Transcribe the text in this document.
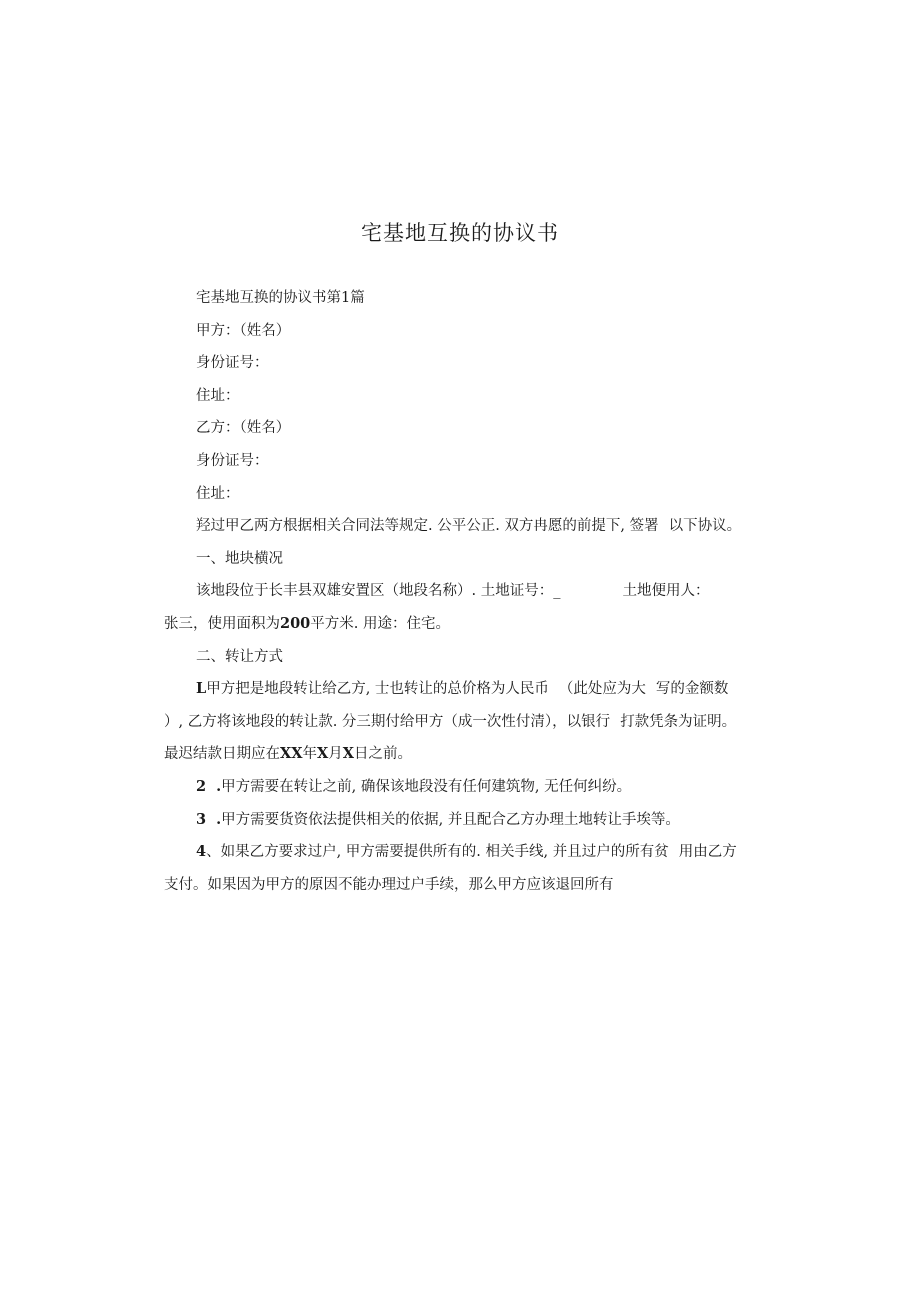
宅基地互换的协议书
宅基地互换的协议书第1篇
甲方：（姓名）
身份证号：
住址：
乙方：（姓名）
身份证号：
住址：
羟过甲乙两方根据相关合同法等规定. 公平公正. 双方冉愿的前提下, 签署 以下协议。
一、地块横况
该地段位于长丰县双雄安置区（地段名称）. 土地证号：_	土地便用人：
张三，使用面积为200平方米. 用途：住宅。
二、转让方式
L甲方把是地段转让给乙方, 士也转让的总价格为人民币 （此处应为大 写的金额数
）, 乙方将该地段的转让款. 分三期付给甲方（成一次性付清），以银行 打款凭条为证明。
最迟结款日期应在XX年X月X日之前。
2 .甲方需要在转让之前, 确保该地段没有任何建筑物, 无任何纠纷。
3 .甲方需要货资依法提供相关的依据, 并且配合乙方办理土地转让手埃等。
4、如果乙方要求过户, 甲方需要提供所有的. 相关手线, 并且过户的所有贫 用由乙方
支付。如果因为甲方的原因不能办理过户手续，那么甲方应该退回所有
